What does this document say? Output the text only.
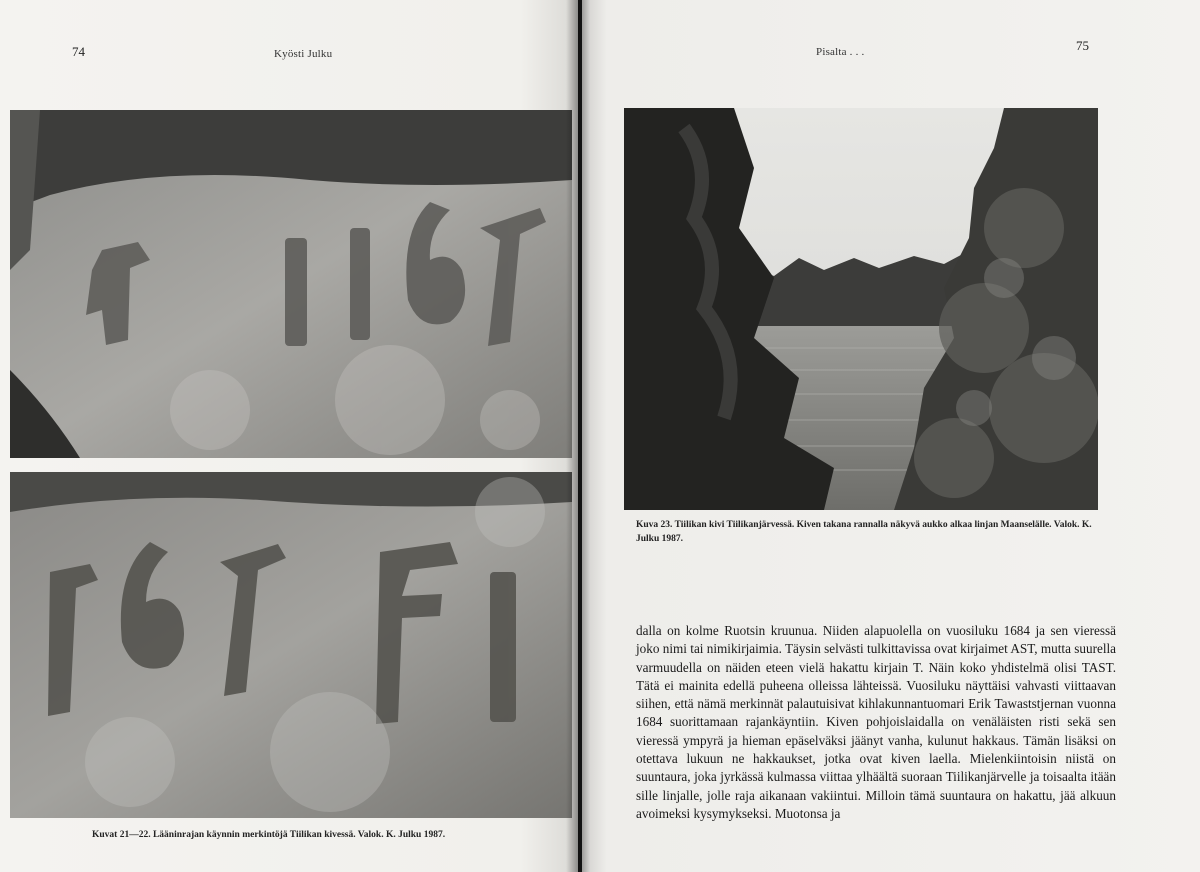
74	Kyösti Julku
Kuvat 21—22. Lääninrajan käynnin merkintöjä Tiilikan kivessä. Valok. K. Julku 1987.
Pisalta . . .	75
Kuva 23. Tiilikan kivi Tiilikanjärvessä. Kiven takana rannalla näkyvä aukko alkaa linjan Maanselälle. Valok. K. Julku 1987.

dalla on kolme Ruotsin kruunua. Niiden alapuolella on vuosiluku 1684 ja sen vieressä joko nimi tai nimikirjaimia. Täysin selvästi tulkittavissa ovat kirjaimet AST, mutta suurella varmuudella on näiden eteen vielä hakattu kirjain T. Näin koko yhdistelmä olisi TAST. Tätä ei mainita edellä puheena olleissa lähteissä. Vuosiluku näyttäisi vahvasti viittaavan siihen, että nämä merkinnät palautuisivat kihlakunnantuomari Erik Tawaststjernan vuonna 1684 suorittamaan rajankäyntiin. Kiven pohjoislaidalla on venäläisten risti sekä sen vieressä ympyrä ja hieman epäselväksi jäänyt vanha, kulunut hakkaus. Tämän lisäksi on otettava lukuun ne hakkaukset, jotka ovat kiven laella. Mielenkiintoisin niistä on suuntaura, joka jyrkässä kulmassa viittaa ylhäältä suoraan Tiilikanjärvelle ja toisaalta itään sille linjalle, jolle raja aikanaan vakiintui. Milloin tämä suuntaura on hakattu, jää alkuun avoimeksi kysymykseksi. Muotonsa ja
